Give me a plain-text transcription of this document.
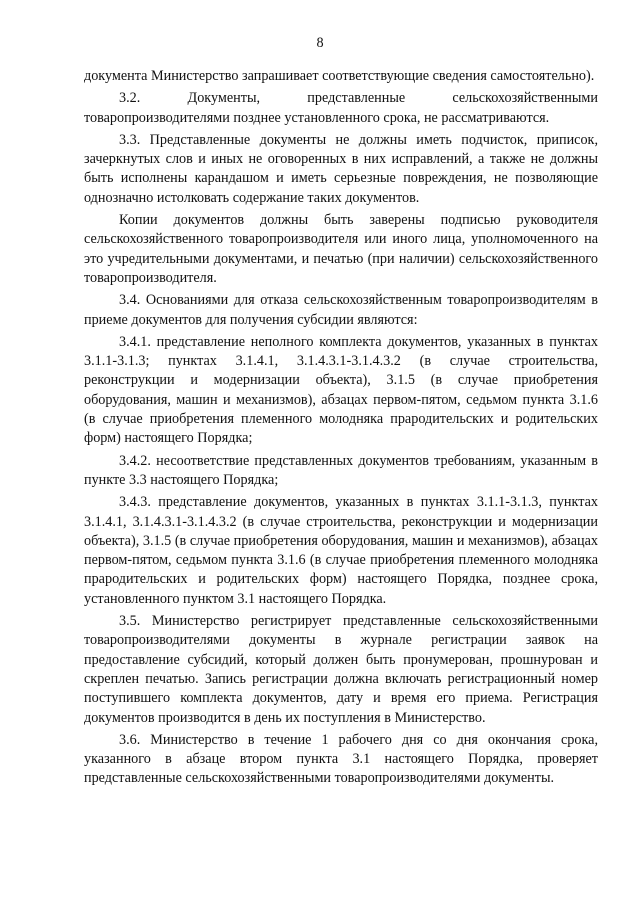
8

документа Министерство запрашивает соответствующие сведения самостоятельно).

3.2. Документы, представленные сельскохозяйственными товаропроизводителями позднее установленного срока, не рассматриваются.

3.3. Представленные документы не должны иметь подчисток, приписок, зачеркнутых слов и иных не оговоренных в них исправлений, а также не должны быть исполнены карандашом и иметь серьезные повреждения, не позволяющие однозначно истолковать содержание таких документов.

Копии документов должны быть заверены подписью руководителя сельскохозяйственного товаропроизводителя или иного лица, уполномоченного на это учредительными документами, и печатью (при наличии) сельскохозяйственного товаропроизводителя.

3.4. Основаниями для отказа сельскохозяйственным товаропроизводителям в приеме документов для получения субсидии являются:

3.4.1. представление неполного комплекта документов, указанных в пунктах 3.1.1-3.1.3; пунктах 3.1.4.1, 3.1.4.3.1-3.1.4.3.2 (в случае строительства, реконструкции и модернизации объекта), 3.1.5 (в случае приобретения оборудования, машин и механизмов), абзацах первом-пятом, седьмом пункта 3.1.6 (в случае приобретения племенного молодняка прародительских и родительских форм) настоящего Порядка;

3.4.2. несоответствие представленных документов требованиям, указанным в пункте 3.3 настоящего Порядка;

3.4.3. представление документов, указанных в пунктах 3.1.1-3.1.3, пунктах 3.1.4.1, 3.1.4.3.1-3.1.4.3.2 (в случае строительства, реконструкции и модернизации объекта), 3.1.5 (в случае приобретения оборудования, машин и механизмов), абзацах первом-пятом, седьмом пункта 3.1.6 (в случае приобретения племенного молодняка прародительских и родительских форм) настоящего Порядка, позднее срока, установленного пунктом 3.1 настоящего Порядка.

3.5. Министерство регистрирует представленные сельскохозяйственными товаропроизводителями документы в журнале регистрации заявок на предоставление субсидий, который должен быть пронумерован, прошнурован и скреплен печатью. Запись регистрации должна включать регистрационный номер поступившего комплекта документов, дату и время его приема. Регистрация документов производится в день их поступления в Министерство.

3.6. Министерство в течение 1 рабочего дня со дня окончания срока, указанного в абзаце втором пункта 3.1 настоящего Порядка, проверяет представленные сельскохозяйственными товаропроизводителями документы.
